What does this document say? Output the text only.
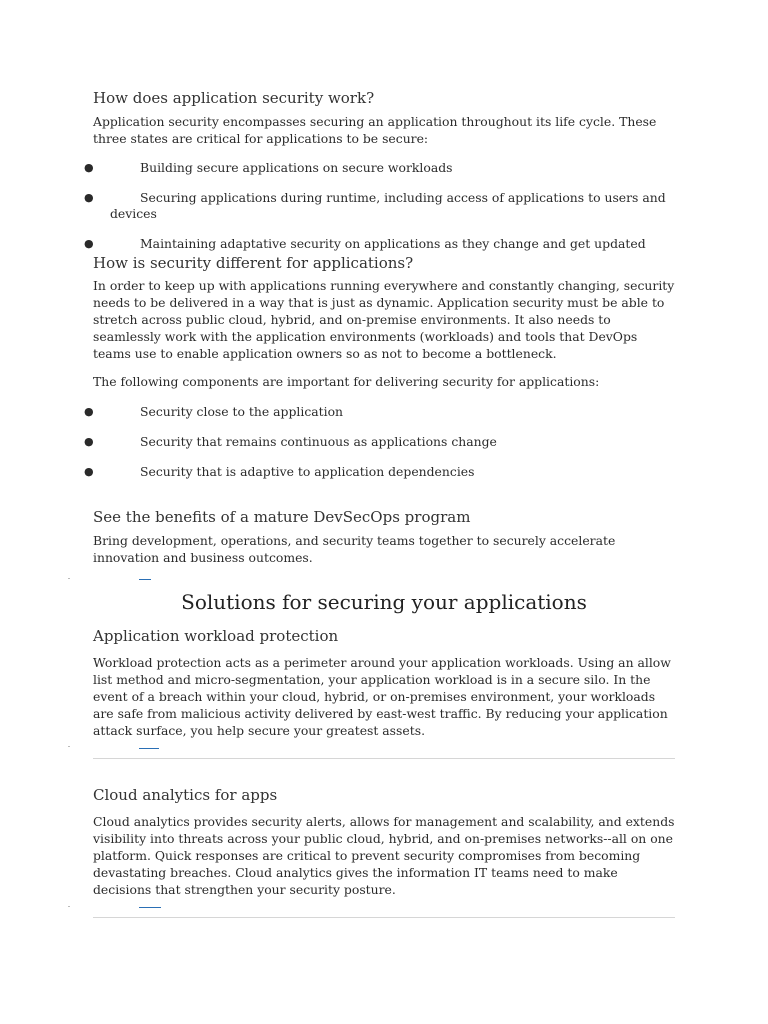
How does application security work?

Application security encompasses securing an application throughout its life cycle. These three states are critical for applications to be secure:

●	Building secure applications on secure workloads
●	Securing applications during runtime, including access of applications to users and
devices
●	Maintaining adaptative security on applications as they change and get updated
How is security different for applications?

In order to keep up with applications running everywhere and constantly changing, security needs to be delivered in a way that is just as dynamic. Application security must be able to stretch across public cloud, hybrid, and on-premise environments. It also needs to seamlessly work with the application environments (workloads) and tools that DevOps teams use to enable application owners so as not to become a bottleneck.

The following components are important for delivering security for applications:

●	Security close to the application
●	Security that remains continuous as applications change
●	Security that is adaptive to application dependencies
See the benefits of a mature DevSecOps program

Bring development, operations, and security teams together to securely accelerate innovation and business outcomes.

Solutions for securing your applications
Application workload protection

Workload protection acts as a perimeter around your application workloads. Using an allow list method and micro-segmentation, your application workload is in a secure silo. In the event of a breach within your cloud, hybrid, or on-premises environment, your workloads are safe from malicious activity delivered by east-west traffic. By reducing your application attack surface, you help secure your greatest assets.

Cloud analytics for apps

Cloud analytics provides security alerts, allows for management and scalability, and extends visibility into threats across your public cloud, hybrid, and on-premises networks--all on one platform. Quick responses are critical to prevent security compromises from becoming devastating breaches. Cloud analytics gives the information IT teams need to make decisions that strengthen your security posture.
